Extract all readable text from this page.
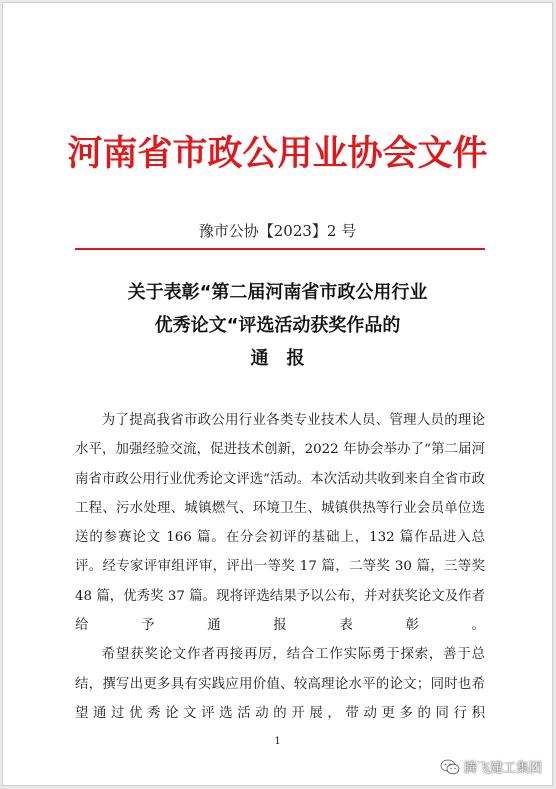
河南省市政公用业协会文件
豫市公协【2023】2 号
关于表彰“第二届河南省市政公用行业
优秀论文“评选活动获奖作品的
通　报

为了提高我省市政公用行业各类专业技术人员、管理人员的理论水平，加强经验交流，促进技术创新，2022 年协会举办了“第二届河南省市政公用行业优秀论文评选”活动。本次活动共收到来自全省市政工程、污水处理、城镇燃气、环境卫生、城镇供热等行业会员单位选送的参赛论文 166 篇。在分会初评的基础上，132 篇作品进入总评。经专家评审组评审，评出一等奖 17 篇，二等奖 30 篇，三等奖 48 篇，优秀奖 37 篇。现将评选结果予以公布，并对获奖论文及作者给予通报表彰。

希望获奖论文作者再接再厉，结合工作实际勇于探索，善于总结，撰写出更多具有实践应用价值、较高理论水平的论文；同时也希望通过优秀论文评选活动的开展，带动更多的同行积

1
腾飞建工集团
